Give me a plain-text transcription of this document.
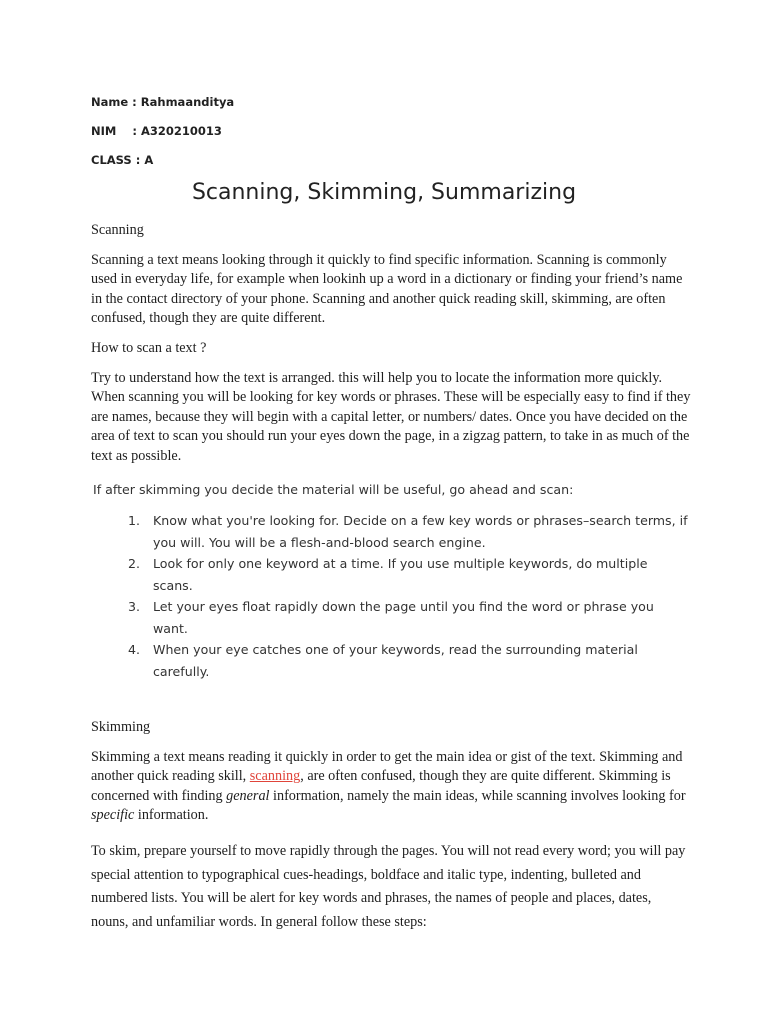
Name : Rahmaanditya
NIM    : A320210013
CLASS : A
Scanning, Skimming, Summarizing
Scanning
Scanning a text means looking through it quickly to find specific information. Scanning is commonly used in everyday life, for example when lookinh up a word in a dictionary or finding your friend’s name in the contact directory of your phone. Scanning and another quick reading skill, skimming, are often confused, though they are quite different.
How to scan a text ?
Try to understand how the text is arranged. this will help you to locate the information more quickly. When scanning you will be looking for key words or phrases. These will be especially easy to find if they are names, because they will begin with a capital letter, or numbers/ dates. Once you have decided on the area of text to scan you should run your eyes down the page, in a zigzag pattern, to take in as much of the text as possible.
If after skimming you decide the material will be useful, go ahead and scan:
1. Know what you're looking for. Decide on a few key words or phrases–search terms, if you will. You will be a flesh-and-blood search engine.
2. Look for only one keyword at a time. If you use multiple keywords, do multiple scans.
3. Let your eyes float rapidly down the page until you find the word or phrase you want.
4. When your eye catches one of your keywords, read the surrounding material carefully.
Skimming
Skimming a text means reading it quickly in order to get the main idea or gist of the text. Skimming and another quick reading skill, scanning, are often confused, though they are quite different. Skimming is concerned with finding general information, namely the main ideas, while scanning involves looking for specific information.
To skim, prepare yourself to move rapidly through the pages. You will not read every word; you will pay special attention to typographical cues-headings, boldface and italic type, indenting, bulleted and numbered lists. You will be alert for key words and phrases, the names of people and places, dates, nouns, and unfamiliar words. In general follow these steps:
